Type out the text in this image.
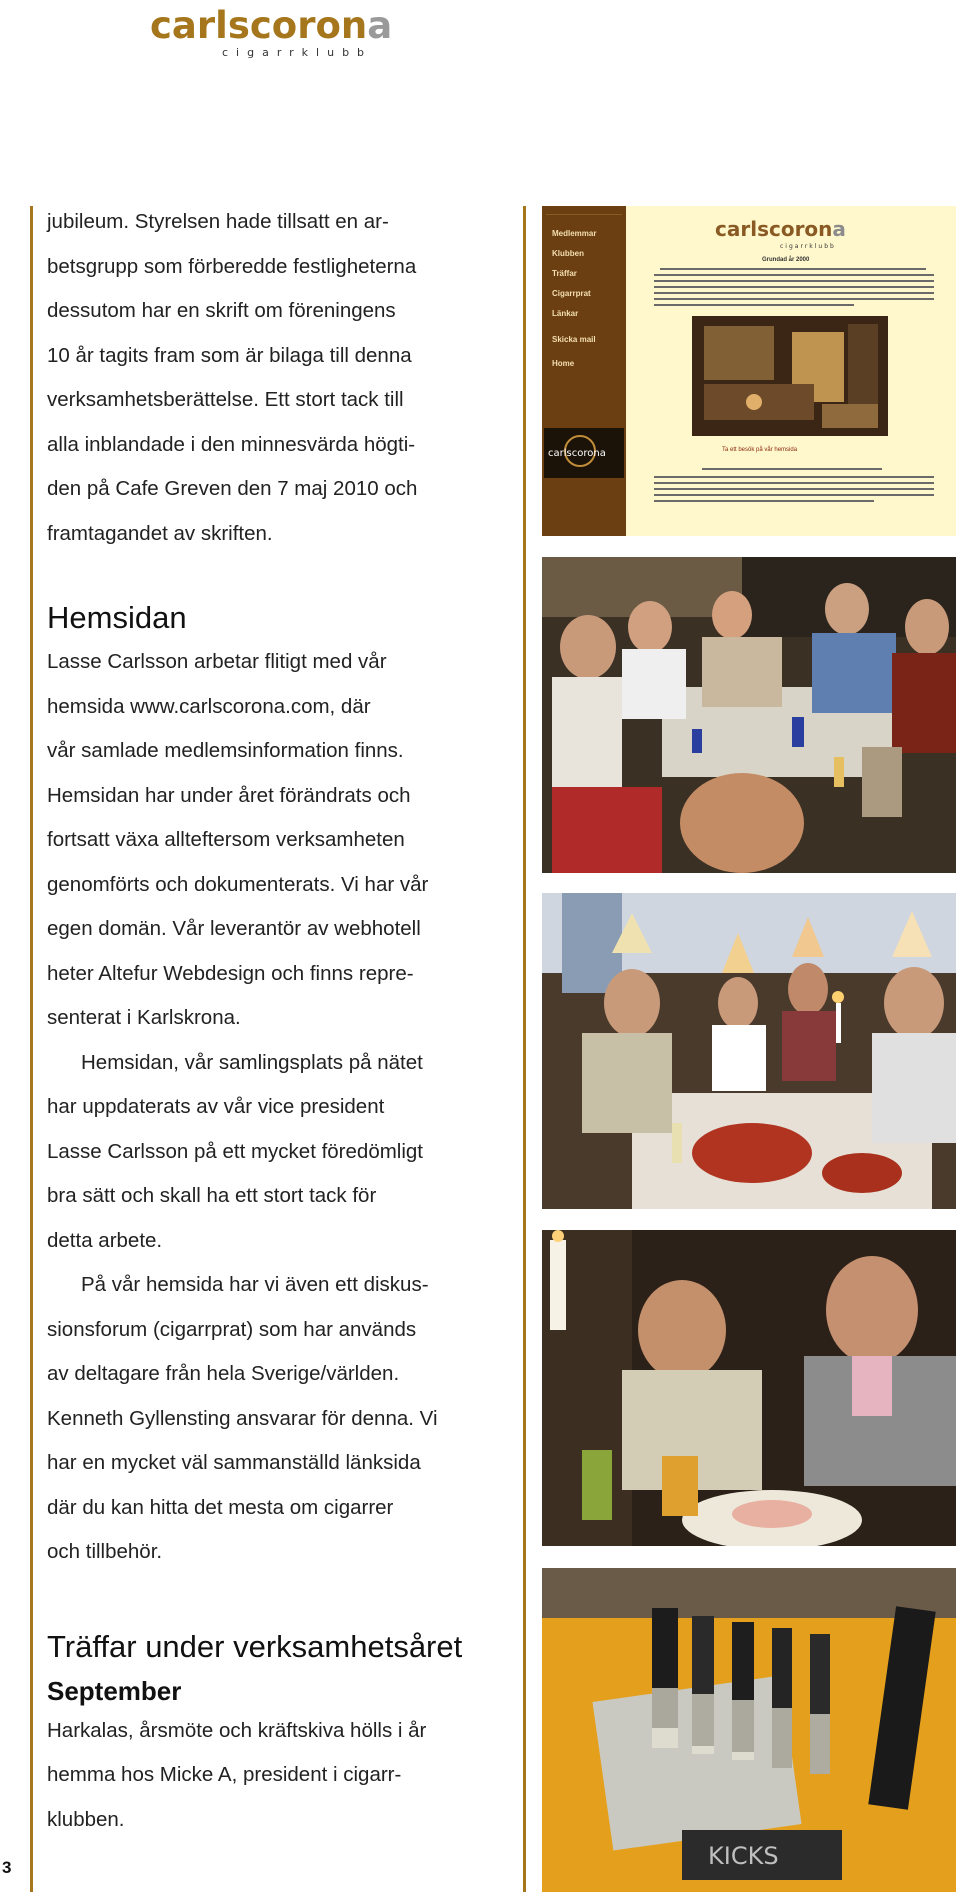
carlscorona
cigarrklubb

jubileum. Styrelsen hade tillsatt en ar-

betsgrupp som förberedde festligheterna

dessutom har en skrift om föreningens

10 år tagits fram som är bilaga till denna

verksamhetsberättelse. Ett stort tack till

alla inblandade i den minnesvärda högti-

den på Cafe Greven den 7 maj 2010 och

framtagandet av skriften.

Hemsidan

Lasse Carlsson arbetar flitigt med vår

hemsida www.carlscorona.com, där

vår samlade medlemsinformation finns.

Hemsidan har under året förändrats och

fortsatt växa allteftersom verksamheten

genomförts och dokumenterats. Vi har vår

egen domän. Vår leverantör av webhotell

heter Altefur Webdesign och finns repre-

senterat i Karlskrona.

Hemsidan, vår samlingsplats på nätet

har uppdaterats av vår vice president

Lasse Carlsson på ett mycket föredömligt

bra sätt och skall ha ett stort tack för

detta arbete.

På vår hemsida har vi även ett diskus-

sionsforum (cigarrprat) som har används

av deltagare från hela Sverige/världen.

Kenneth Gyllensting ansvarar för denna. Vi

har en mycket väl sammanställd länksida

där du kan hitta det mesta om cigarrer

och tillbehör.

Träffar under verksamhetsåret

September

Harkalas, årsmöte och kräftskiva hölls i år

hemma hos Micke A, president i cigarr-

klubben.

3
Medlemmar
Klubben
Träffar
Cigarrprat
Länkar
Skicka mail
Home
carlscorona
carlscorona
cigarrklubb
Grundad år 2000
Ta ett besök på vår hemsida
KICKS
